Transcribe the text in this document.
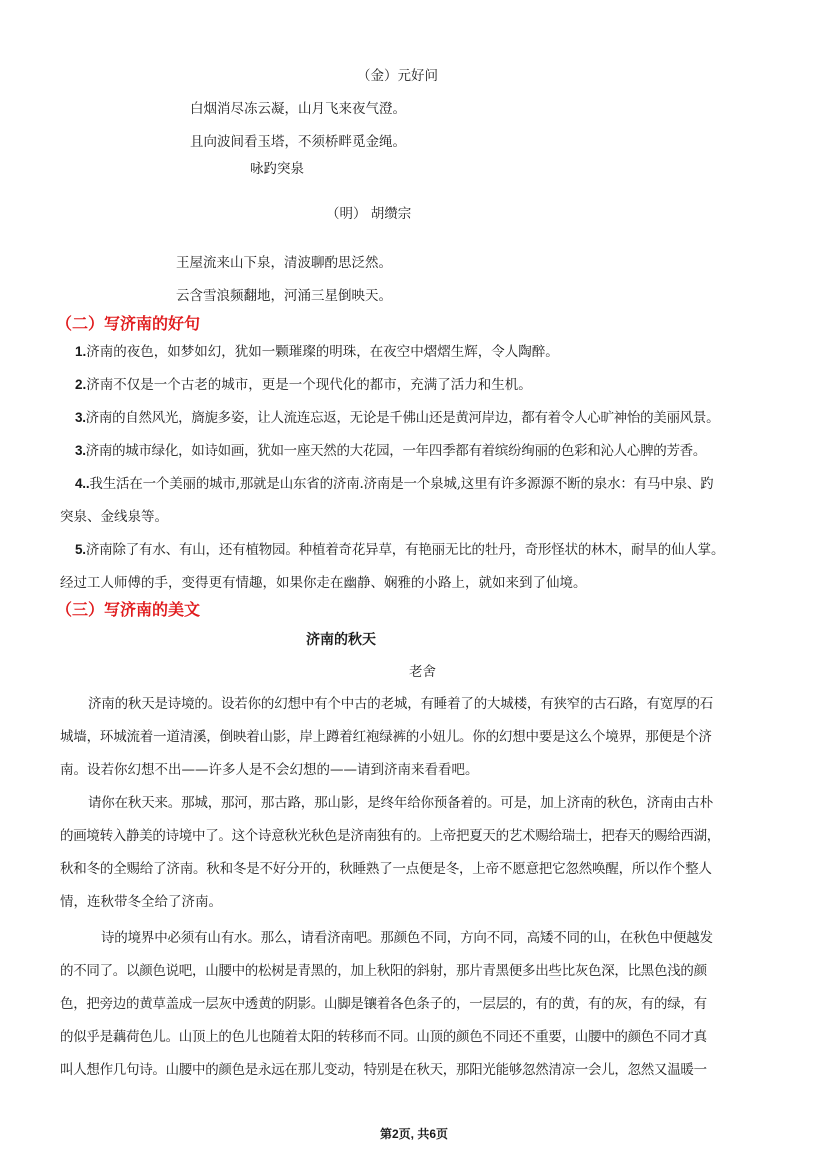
（金）元好问
白烟消尽冻云凝，山月飞来夜气澄。
且向波间看玉塔，不须桥畔觅金绳。
咏趵突泉
（明） 胡缵宗
王屋流来山下泉，清波聊酌思泛然。
云含雪浪频翻地，河涌三星倒映天。
（二）写济南的好句
1.济南的夜色，如梦如幻，犹如一颗璀璨的明珠，在夜空中熠熠生辉，令人陶醉。
2.济南不仅是一个古老的城市，更是一个现代化的都市，充满了活力和生机。
3.济南的自然风光，旖旎多姿，让人流连忘返，无论是千佛山还是黄河岸边，都有着令人心旷神怡的美丽风景。
3.济南的城市绿化，如诗如画，犹如一座天然的大花园，一年四季都有着缤纷绚丽的色彩和沁人心脾的芳香。
4..我生活在一个美丽的城市,那就是山东省的济南.济南是一个泉城,这里有许多源源不断的泉水：有马中泉、趵
突泉、金线泉等。
5.济南除了有水、有山，还有植物园。种植着奇花异草，有艳丽无比的牡丹，奇形怪状的林木，耐旱的仙人掌。
经过工人师傅的手，变得更有情趣，如果你走在幽静、娴雅的小路上，就如来到了仙境。
（三）写济南的美文
济南的秋天
老舍
济南的秋天是诗境的。设若你的幻想中有个中古的老城，有睡着了的大城楼，有狭窄的古石路，有宽厚的石
城墙，环城流着一道清溪，倒映着山影，岸上蹲着红袍绿裤的小妞儿。你的幻想中要是这么个境界，那便是个济
南。设若你幻想不出——许多人是不会幻想的——请到济南来看看吧。
请你在秋天来。那城，那河，那古路，那山影，是终年给你预备着的。可是，加上济南的秋色，济南由古朴
的画境转入静美的诗境中了。这个诗意秋光秋色是济南独有的。上帝把夏天的艺术赐给瑞士，把春天的赐给西湖，
秋和冬的全赐给了济南。秋和冬是不好分开的，秋睡熟了一点便是冬，上帝不愿意把它忽然唤醒，所以作个整人
情，连秋带冬全给了济南。
诗的境界中必须有山有水。那么，请看济南吧。那颜色不同，方向不同，高矮不同的山，在秋色中便越发
的不同了。以颜色说吧，山腰中的松树是青黑的，加上秋阳的斜射，那片青黑便多出些比灰色深，比黑色浅的颜
色，把旁边的黄草盖成一层灰中透黄的阴影。山脚是镶着各色条子的，一层层的，有的黄，有的灰，有的绿，有
的似乎是藕荷色儿。山顶上的色儿也随着太阳的转移而不同。山顶的颜色不同还不重要，山腰中的颜色不同才真
叫人想作几句诗。山腰中的颜色是永远在那儿变动，特别是在秋天，那阳光能够忽然清凉一会儿，忽然又温暖一
第2页, 共6页
